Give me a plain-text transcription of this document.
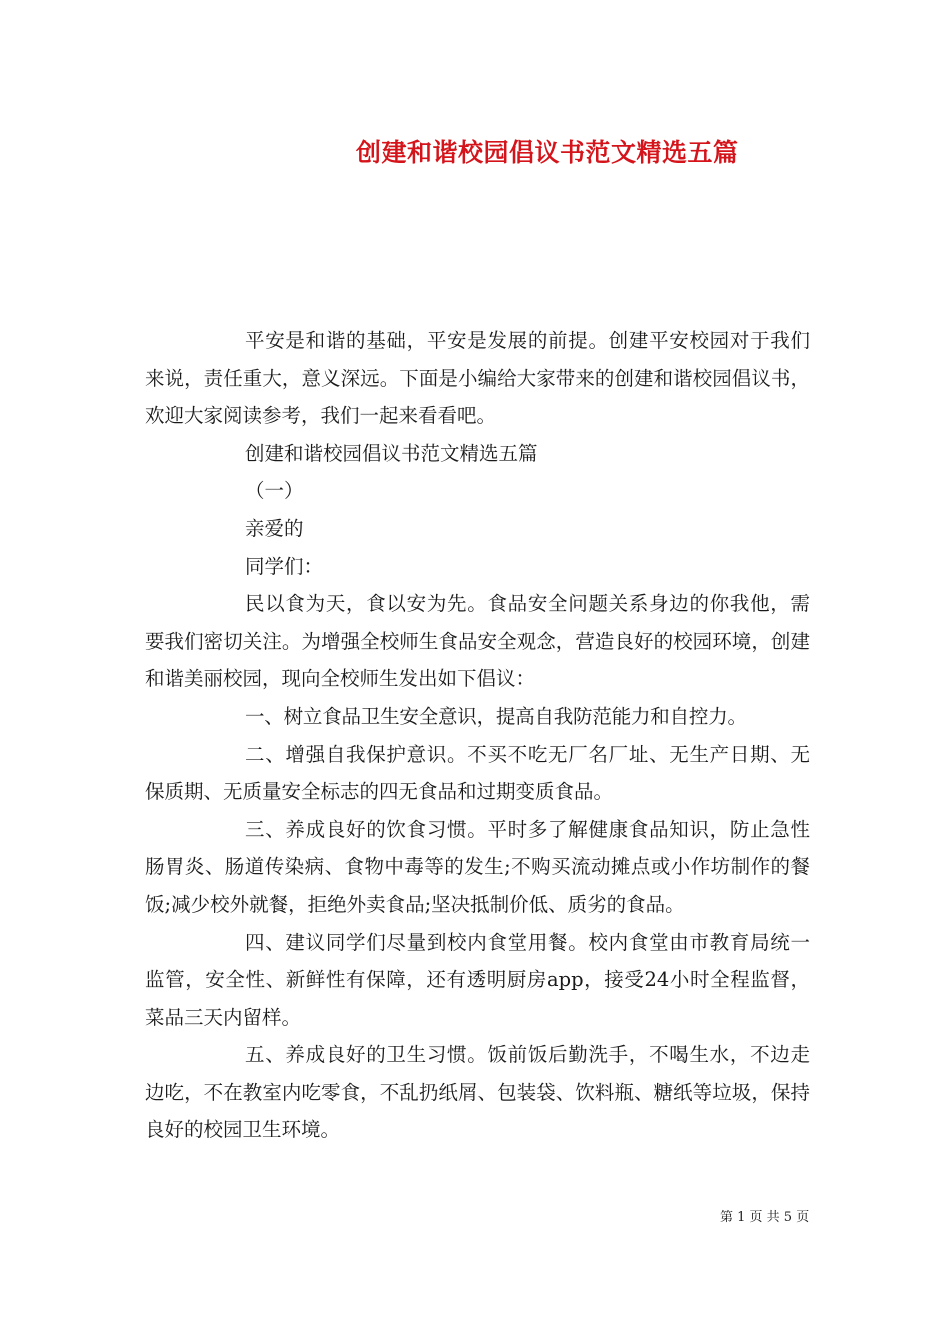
创建和谐校园倡议书范文精选五篇

平安是和谐的基础，平安是发展的前提。创建平安校园对于我们来说，责任重大，意义深远。下面是小编给大家带来的创建和谐校园倡议书，欢迎大家阅读参考，我们一起来看看吧。

创建和谐校园倡议书范文精选五篇

（一）

亲爱的

同学们：

民以食为天，食以安为先。食品安全问题关系身边的你我他，需要我们密切关注。为增强全校师生食品安全观念，营造良好的校园环境，创建和谐美丽校园，现向全校师生发出如下倡议：

一、树立食品卫生安全意识，提高自我防范能力和自控力。

二、增强自我保护意识。不买不吃无厂名厂址、无生产日期、无保质期、无质量安全标志的四无食品和过期变质食品。

三、养成良好的饮食习惯。平时多了解健康食品知识，防止急性肠胃炎、肠道传染病、食物中毒等的发生;不购买流动摊点或小作坊制作的餐饭;减少校外就餐，拒绝外卖食品;坚决抵制价低、质劣的食品。

四、建议同学们尽量到校内食堂用餐。校内食堂由市教育局统一监管，安全性、新鲜性有保障，还有透明厨房app，接受24小时全程监督，菜品三天内留样。

五、养成良好的卫生习惯。饭前饭后勤洗手，不喝生水，不边走边吃，不在教室内吃零食，不乱扔纸屑、包装袋、饮料瓶、糖纸等垃圾，保持良好的校园卫生环境。

第 1 页 共 5 页
